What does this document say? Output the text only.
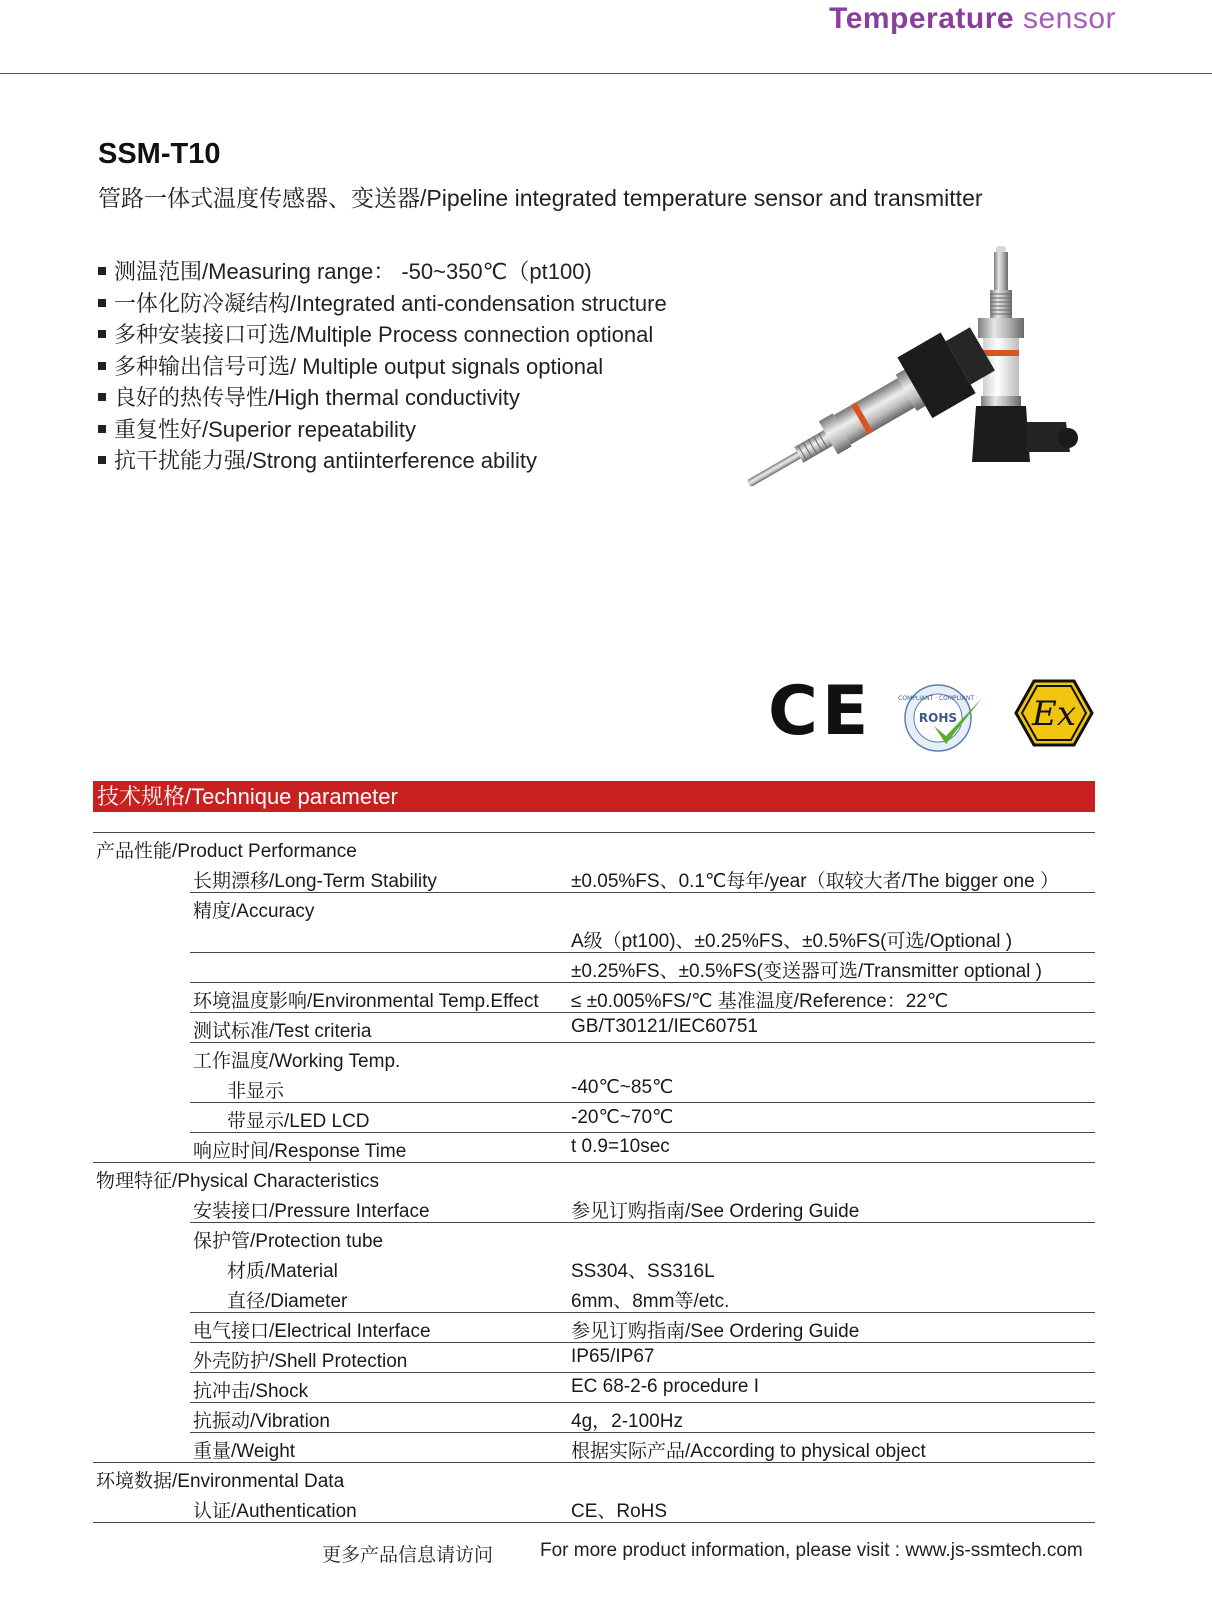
Temperature sensor
SSM-T10
管路一体式温度传感器、变送器/Pipeline integrated temperature sensor and transmitter
测温范围/Measuring range： -50~350℃（pt100)
一体化防冷凝结构/Integrated anti-condensation structure
多种安装接口可选/Multiple Process connection optional
多种输出信号可选/ Multiple output signals optional
良好的热传导性/High thermal conductivity
重复性好/Superior repeatability
抗干扰能力强/Strong antiinterference ability
CE	COMPLIANT · COMPLIANT ·
ROHS Ex
技术规格/Technique parameter
产品性能/Product Performance
长期漂移/Long-Term Stability	±0.05%FS、0.1℃每年/year（取较大者/The bigger one ）
精度/Accuracy
A级（pt100)、±0.25%FS、±0.5%FS(可选/Optional )
±0.25%FS、±0.5%FS(变送器可选/Transmitter optional )
环境温度影响/Environmental Temp.Effect ≤ ±0.005%FS/℃ 基准温度/Reference：22℃
测试标准/Test criteria	GB/T30121/IEC60751
工作温度/Working Temp.
非显示	-40℃~85℃
带显示/LED LCD	-20℃~70℃
响应时间/Response Time	t 0.9=10sec
物理特征/Physical Characteristics
安装接口/Pressure Interface	参见订购指南/See Ordering Guide
保护管/Protection tube
材质/Material	SS304、SS316L
直径/Diameter	6mm、8mm等/etc.
电气接口/Electrical Interface	参见订购指南/See Ordering Guide
外壳防护/Shell Protection	IP65/IP67
抗冲击/Shock	EC 68-2-6 procedure I
抗振动/Vibration	4g，2-100Hz
重量/Weight	根据实际产品/According to physical object
环境数据/Environmental Data
认证/Authentication	CE、RoHS
更多产品信息请访问 For more product information, please visit : www.js-ssmtech.com
